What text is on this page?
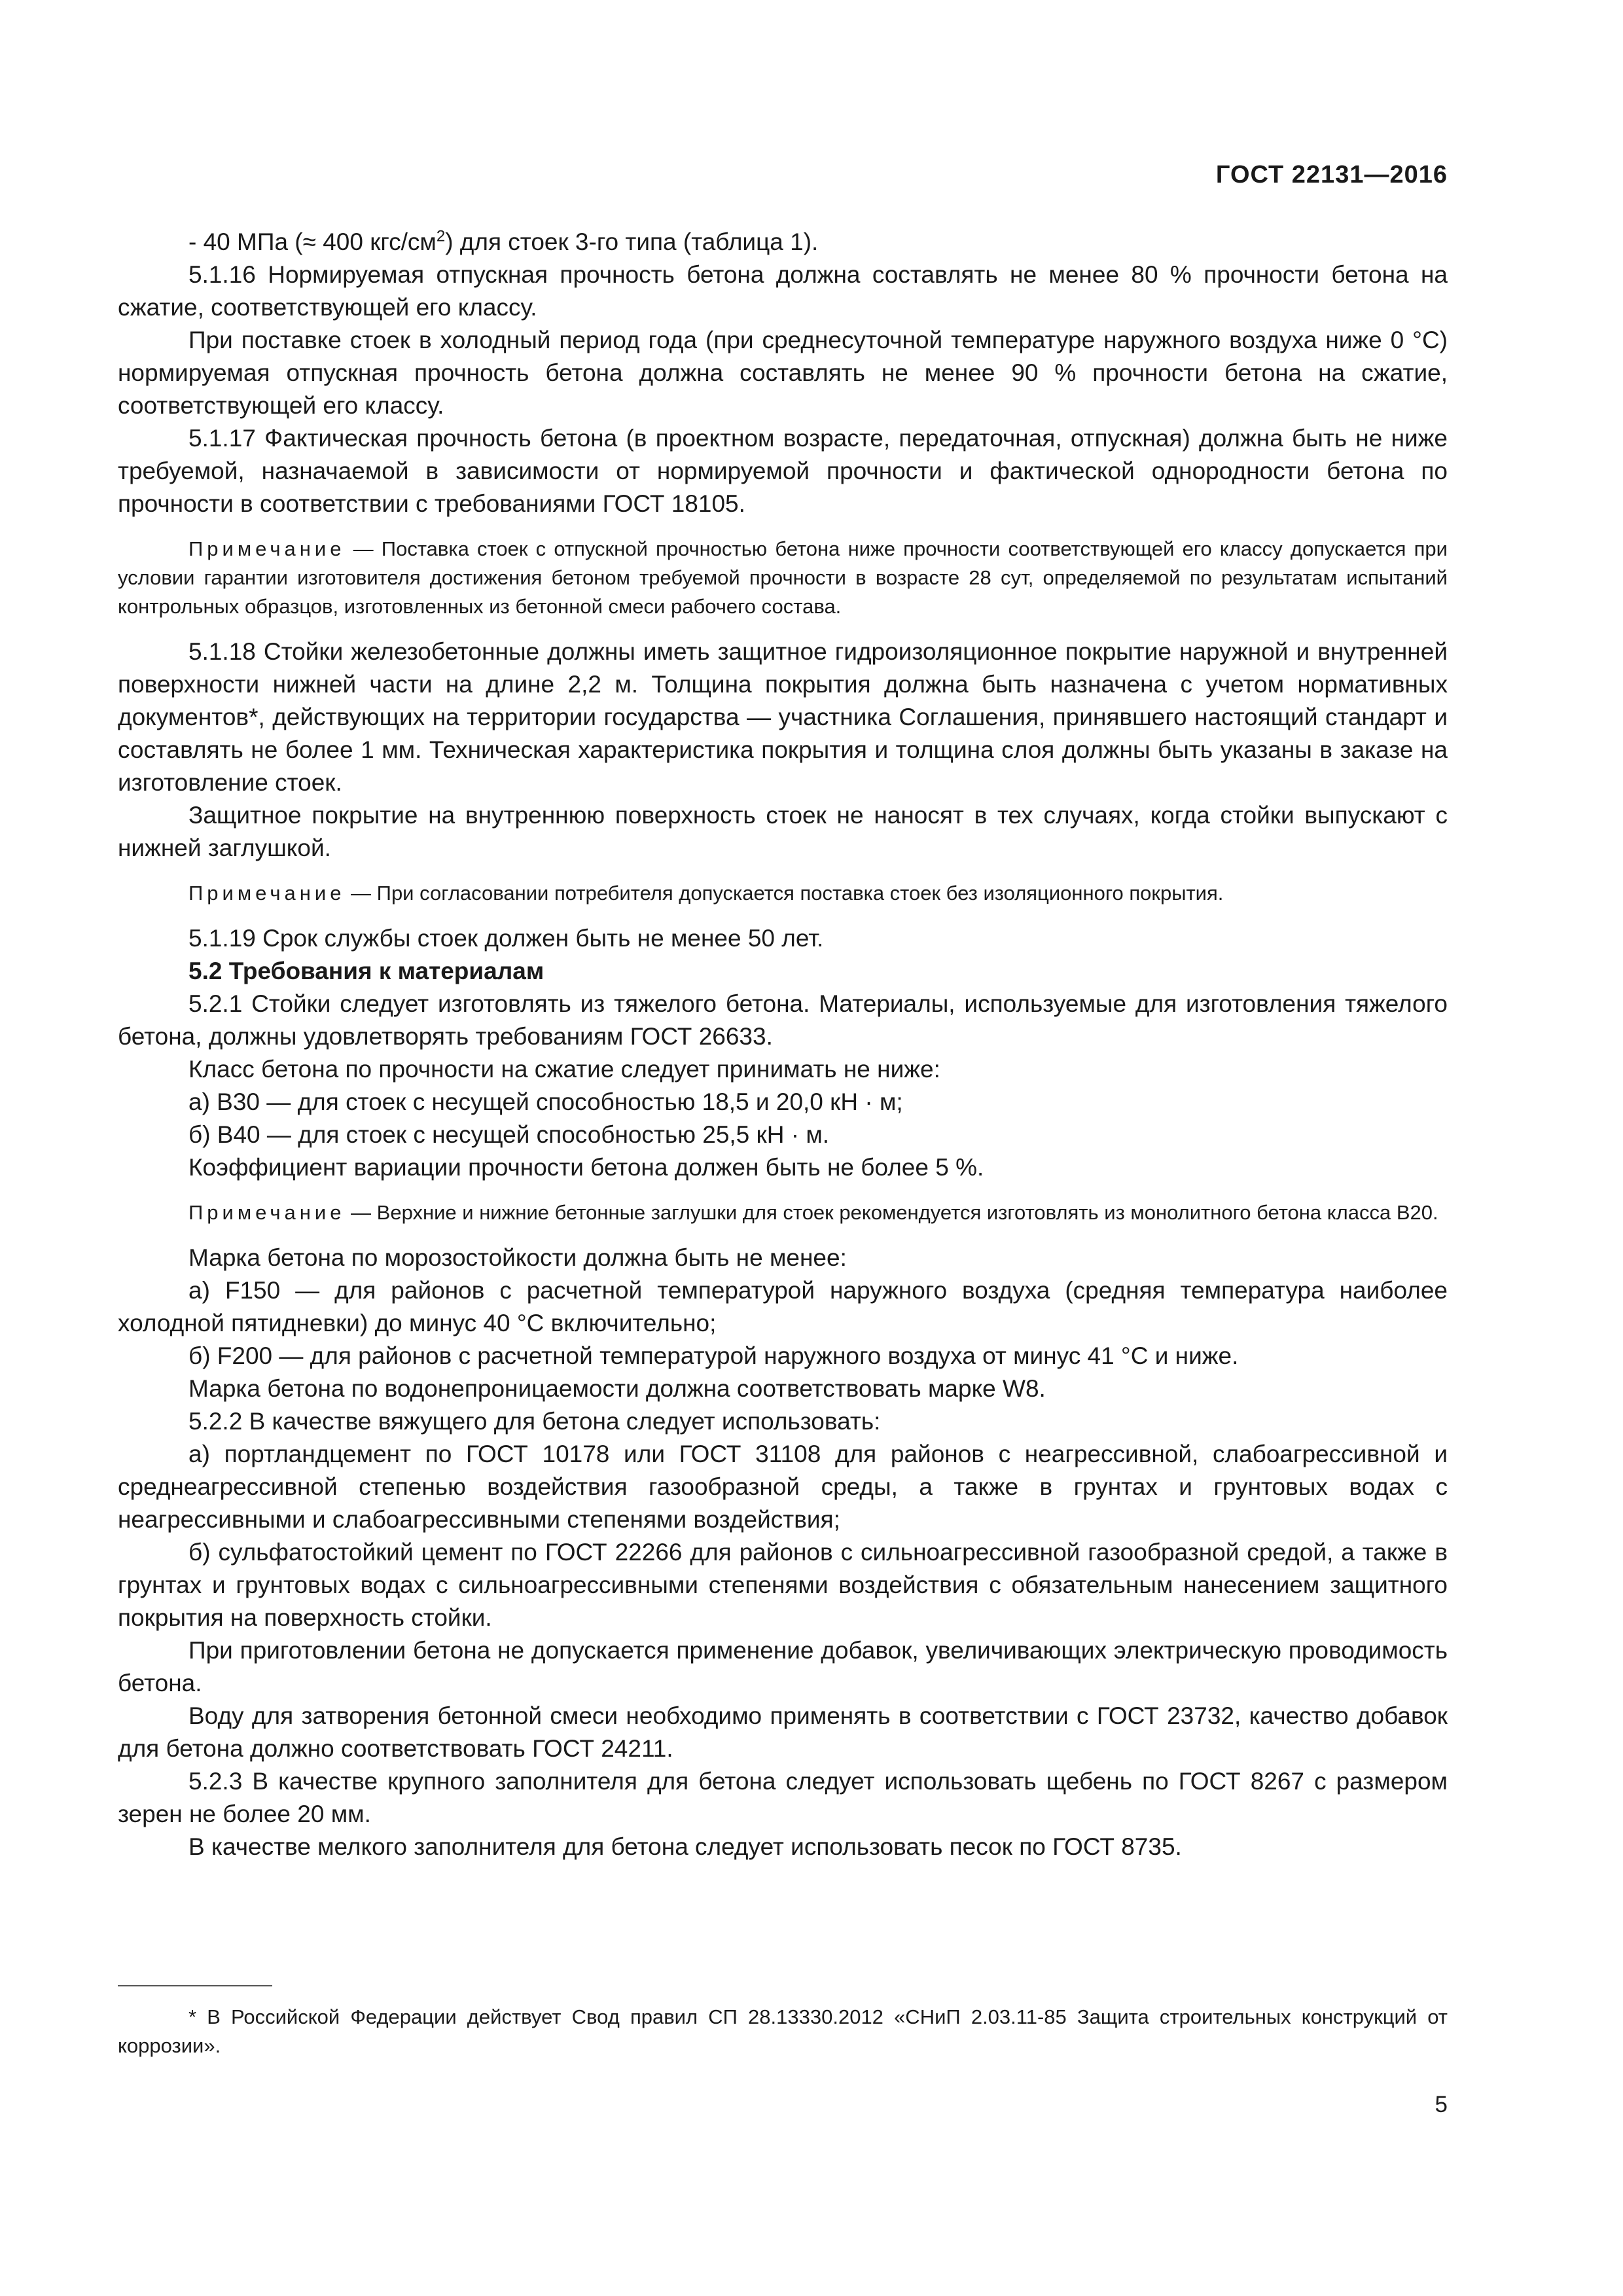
ГОСТ 22131—2016

- 40 МПа (≈ 400 кгс/$см^2$) для стоек 3-го типа (таблица 1).

5.1.16 Нормируемая отпускная прочность бетона должна составлять не менее 80 % прочности бетона на сжатие, соответствующей его классу.

При поставке стоек в холодный период года (при среднесуточной температуре наружного воздуха ниже 0 °С) нормируемая отпускная прочность бетона должна составлять не менее 90 % прочности бетона на сжатие, соответствующей его классу.

5.1.17 Фактическая прочность бетона (в проектном возрасте, передаточная, отпускная) должна быть не ниже требуемой, назначаемой в зависимости от нормируемой прочности и фактической однородности бетона по прочности в соответствии с требованиями ГОСТ 18105.

Примечание — Поставка стоек с отпускной прочностью бетона ниже прочности соответствующей его классу допускается при условии гарантии изготовителя достижения бетоном требуемой прочности в возрасте 28 сут, определяемой по результатам испытаний контрольных образцов, изготовленных из бетонной смеси рабочего состава.

5.1.18 Стойки железобетонные должны иметь защитное гидроизоляционное покрытие наружной и внутренней поверхности нижней части на длине 2,2 м. Толщина покрытия должна быть назначена с учетом нормативных документов*, действующих на территории государства — участника Соглашения, принявшего настоящий стандарт и составлять не более 1 мм. Техническая характеристика покрытия и толщина слоя должны быть указаны в заказе на изготовление стоек.

Защитное покрытие на внутреннюю поверхность стоек не наносят в тех случаях, когда стойки выпускают с нижней заглушкой.

Примечание — При согласовании потребителя допускается поставка стоек без изоляционного покрытия.

5.1.19 Срок службы стоек должен быть не менее 50 лет.

5.2 Требования к материалам

5.2.1 Стойки следует изготовлять из тяжелого бетона. Материалы, используемые для изготовления тяжелого бетона, должны удовлетворять требованиям ГОСТ 26633.

Класс бетона по прочности на сжатие следует принимать не ниже:

а) В30 — для стоек с несущей способностью 18,5 и 20,0 кН · м;

б) В40 — для стоек с несущей способностью 25,5 кН · м.

Коэффициент вариации прочности бетона должен быть не более 5 %.

Примечание — Верхние и нижние бетонные заглушки для стоек рекомендуется изготовлять из монолитного бетона класса В20.

Марка бетона по морозостойкости должна быть не менее:

а) F150 — для районов с расчетной температурой наружного воздуха (средняя температура наиболее холодной пятидневки) до минус 40 °С включительно;

б) F200 — для районов с расчетной температурой наружного воздуха от минус 41 °С и ниже.

Марка бетона по водонепроницаемости должна соответствовать марке W8.

5.2.2 В качестве вяжущего для бетона следует использовать:

а) портландцемент по ГОСТ 10178 или ГОСТ 31108 для районов с неагрессивной, слабоагрессивной и среднеагрессивной степенью воздействия газообразной среды, а также в грунтах и грунтовых водах с неагрессивными и слабоагрессивными степенями воздействия;

б) сульфатостойкий цемент по ГОСТ 22266 для районов с сильноагрессивной газообразной средой, а также в грунтах и грунтовых водах с сильноагрессивными степенями воздействия с обязательным нанесением защитного покрытия на поверхность стойки.

При приготовлении бетона не допускается применение добавок, увеличивающих электрическую проводимость бетона.

Воду для затворения бетонной смеси необходимо применять в соответствии с ГОСТ 23732, качество добавок для бетона должно соответствовать ГОСТ 24211.

5.2.3 В качестве крупного заполнителя для бетона следует использовать щебень по ГОСТ 8267 с размером зерен не более 20 мм.

В качестве мелкого заполнителя для бетона следует использовать песок по ГОСТ 8735.

* В Российской Федерации действует Свод правил СП 28.13330.2012 «СНиП 2.03.11-85 Защита строительных конструкций от коррозии».
5
